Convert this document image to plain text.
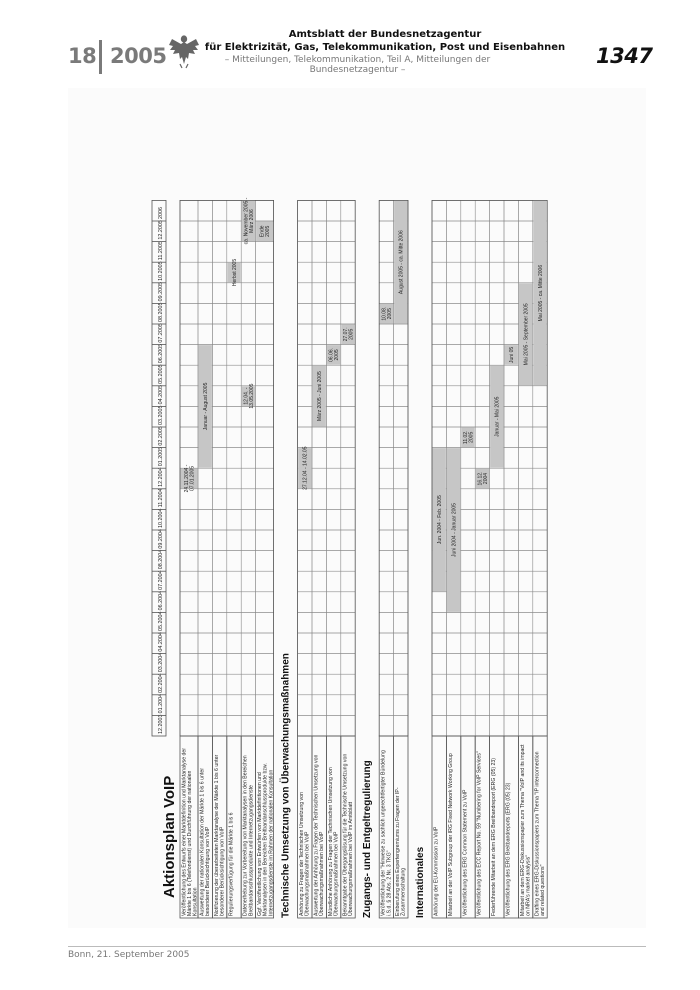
18 2005
Amtsblatt der Bundesnetzagentur
für Elektrizität, Gas, Telekommunikation, Post und Eisenbahnen
– Mitteilungen, Telekommunikation, Teil A, Mitteilungen der Bundesnetzagentur –
1347
12.2003
01.2004
02.2004
03.2004
04.2004
05.2004
06.2004
07.2004
08.2004
09.2004
10.2004
11.2004
12.2004
01.2005
02.2005
03.2005
04.2005
05.2005
06.2005
07.2005
08.2005
09.2005
10.2005
11.2005
12.2005
2006
Aktionsplan VoIP Veröffentlichung des Entwurfs einer Marktdefinition und Marktanalyse der Märkte 1 bis 6 (Telefondienst) und Durchführung der nationalen Konsultation Auswertung der nationalen Konsultation der Märkte 1 bis 6 unter besonderer Berücksichtigung von VoIP Notifizierung der überarbeiteten Marktanalyse der Märkte 1 bis 6 unter besonderer Berücksichtigung von VoIP Regulierungsverfügung für die Märkte 1 bis 6 Datenerhebung zur Vorbereitung von Marktanalysen in den Bereichen Breitbandanschlussprodukte und Internetzugangsdienste Ggf. Veröffentlichung von Entwürfen von Marktdefinitionen und Marktanalysen in den Bereichen Breitbandanschlussprodukte bzw. Internetzugangsdienste im Rahmen der nationalen Konsultation Technische Umsetzung von Überwachungsmaßnahmen Anhörung zu Fragen der Technischen Umsetzung von Überwachungsmaßnahmen bei VoIP Auswertung der Anhörung zu Fragen der Technischen Umsetzung von Überwachungsmaßnahmen bei VoIP Mündliche Anhörung zu Fragen der Technischen Umsetzung von Überwachungsmaßnahmen bei VoIP Bekanntgabe der Übergangslösung für die Technische Umsetzung von Überwachungsmaßnahmen bei VoIP im Amtsblatt Zugangs- und Entgeltregulierung Veröffentlichung der "Hinweise zu sachlich ungerechtfertigter Bündelung i.S.d. § 28 Abs. 2 Nr. 3 TKG" Einberufung eines Expertengremiums zu Fragen der IP- Zusammenschaltung Internationales Anhörung der EU-Kommission zu VoIP Mitarbeit an der VoIP Subgroup der IRG Fixed Network Working Group Veröffentlichung des ERG Common Statement zu VoIP Veröffentlichung des ECC Report No. 59 "Numbering for VoIP Services" Federführende Mitarbeit an dem ERG Breitbandreport (ERG (05) 23) Veröffentlichung des ERG Breitbandreports (ERG (05) 23) Mitarbeit an dem ERG-Diskussionspapier zum Thema "VoIP and its impact on NRA's market analysis" Drafting eines ERG-Diskussionspapiers zum Thema "IP interconnection and related questions"
24.11.2004 - 07.01.2005
Januar - August 2005
Herbst 2005
12.04. - 13.05.2005
ca. November 2005 - März 2006 Ende 2005
27.12.04 - 14.02.05
März 2005 - Juni 2005
06.06. 2005
27.07. 2005
10.08. 2005
August 2005 - ca. Mitte 2006
Jun. 2004 - Feb. 2005 Juni 2004 - Januar 2005
11.02. 2005
16.12. 2004
Januar - Mai 2005
Juni 05 Mai 2005 - September 2005
Mai 2005 - ca. Mitte 2006
Bonn, 21. September 2005
